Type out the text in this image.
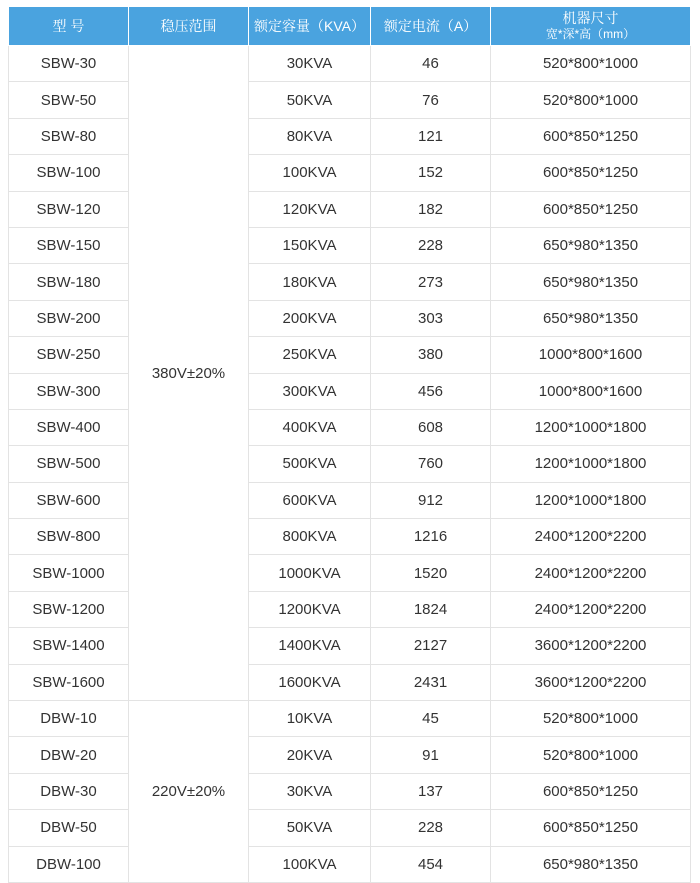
型 号	稳压范围	额定容量（KVA）	额定电流（A）	机器尺寸
宽*深*高（mm）

SBW-30	380V±20%	30KVA	46	520*800*1000
SBW-50		50KVA	76	520*800*1000
SBW-80		80KVA	121	600*850*1250
SBW-100		100KVA	152	600*850*1250
SBW-120		120KVA	182	600*850*1250
SBW-150		150KVA	228	650*980*1350
SBW-180		180KVA	273	650*980*1350
SBW-200		200KVA	303	650*980*1350
SBW-250		250KVA	380	1000*800*1600
SBW-300		300KVA	456	1000*800*1600
SBW-400		400KVA	608	1200*1000*1800
SBW-500		500KVA	760	1200*1000*1800
SBW-600		600KVA	912	1200*1000*1800
SBW-800		800KVA	1216	2400*1200*2200
SBW-1000		1000KVA	1520	2400*1200*2200
SBW-1200		1200KVA	1824	2400*1200*2200
SBW-1400		1400KVA	2127	3600*1200*2200
SBW-1600		1600KVA	2431	3600*1200*2200
DBW-10	220V±20%	10KVA	45	520*800*1000
DBW-20		20KVA	91	520*800*1000
DBW-30		30KVA	137	600*850*1250
DBW-50		50KVA	228	600*850*1250
DBW-100		100KVA	454	650*980*1350
